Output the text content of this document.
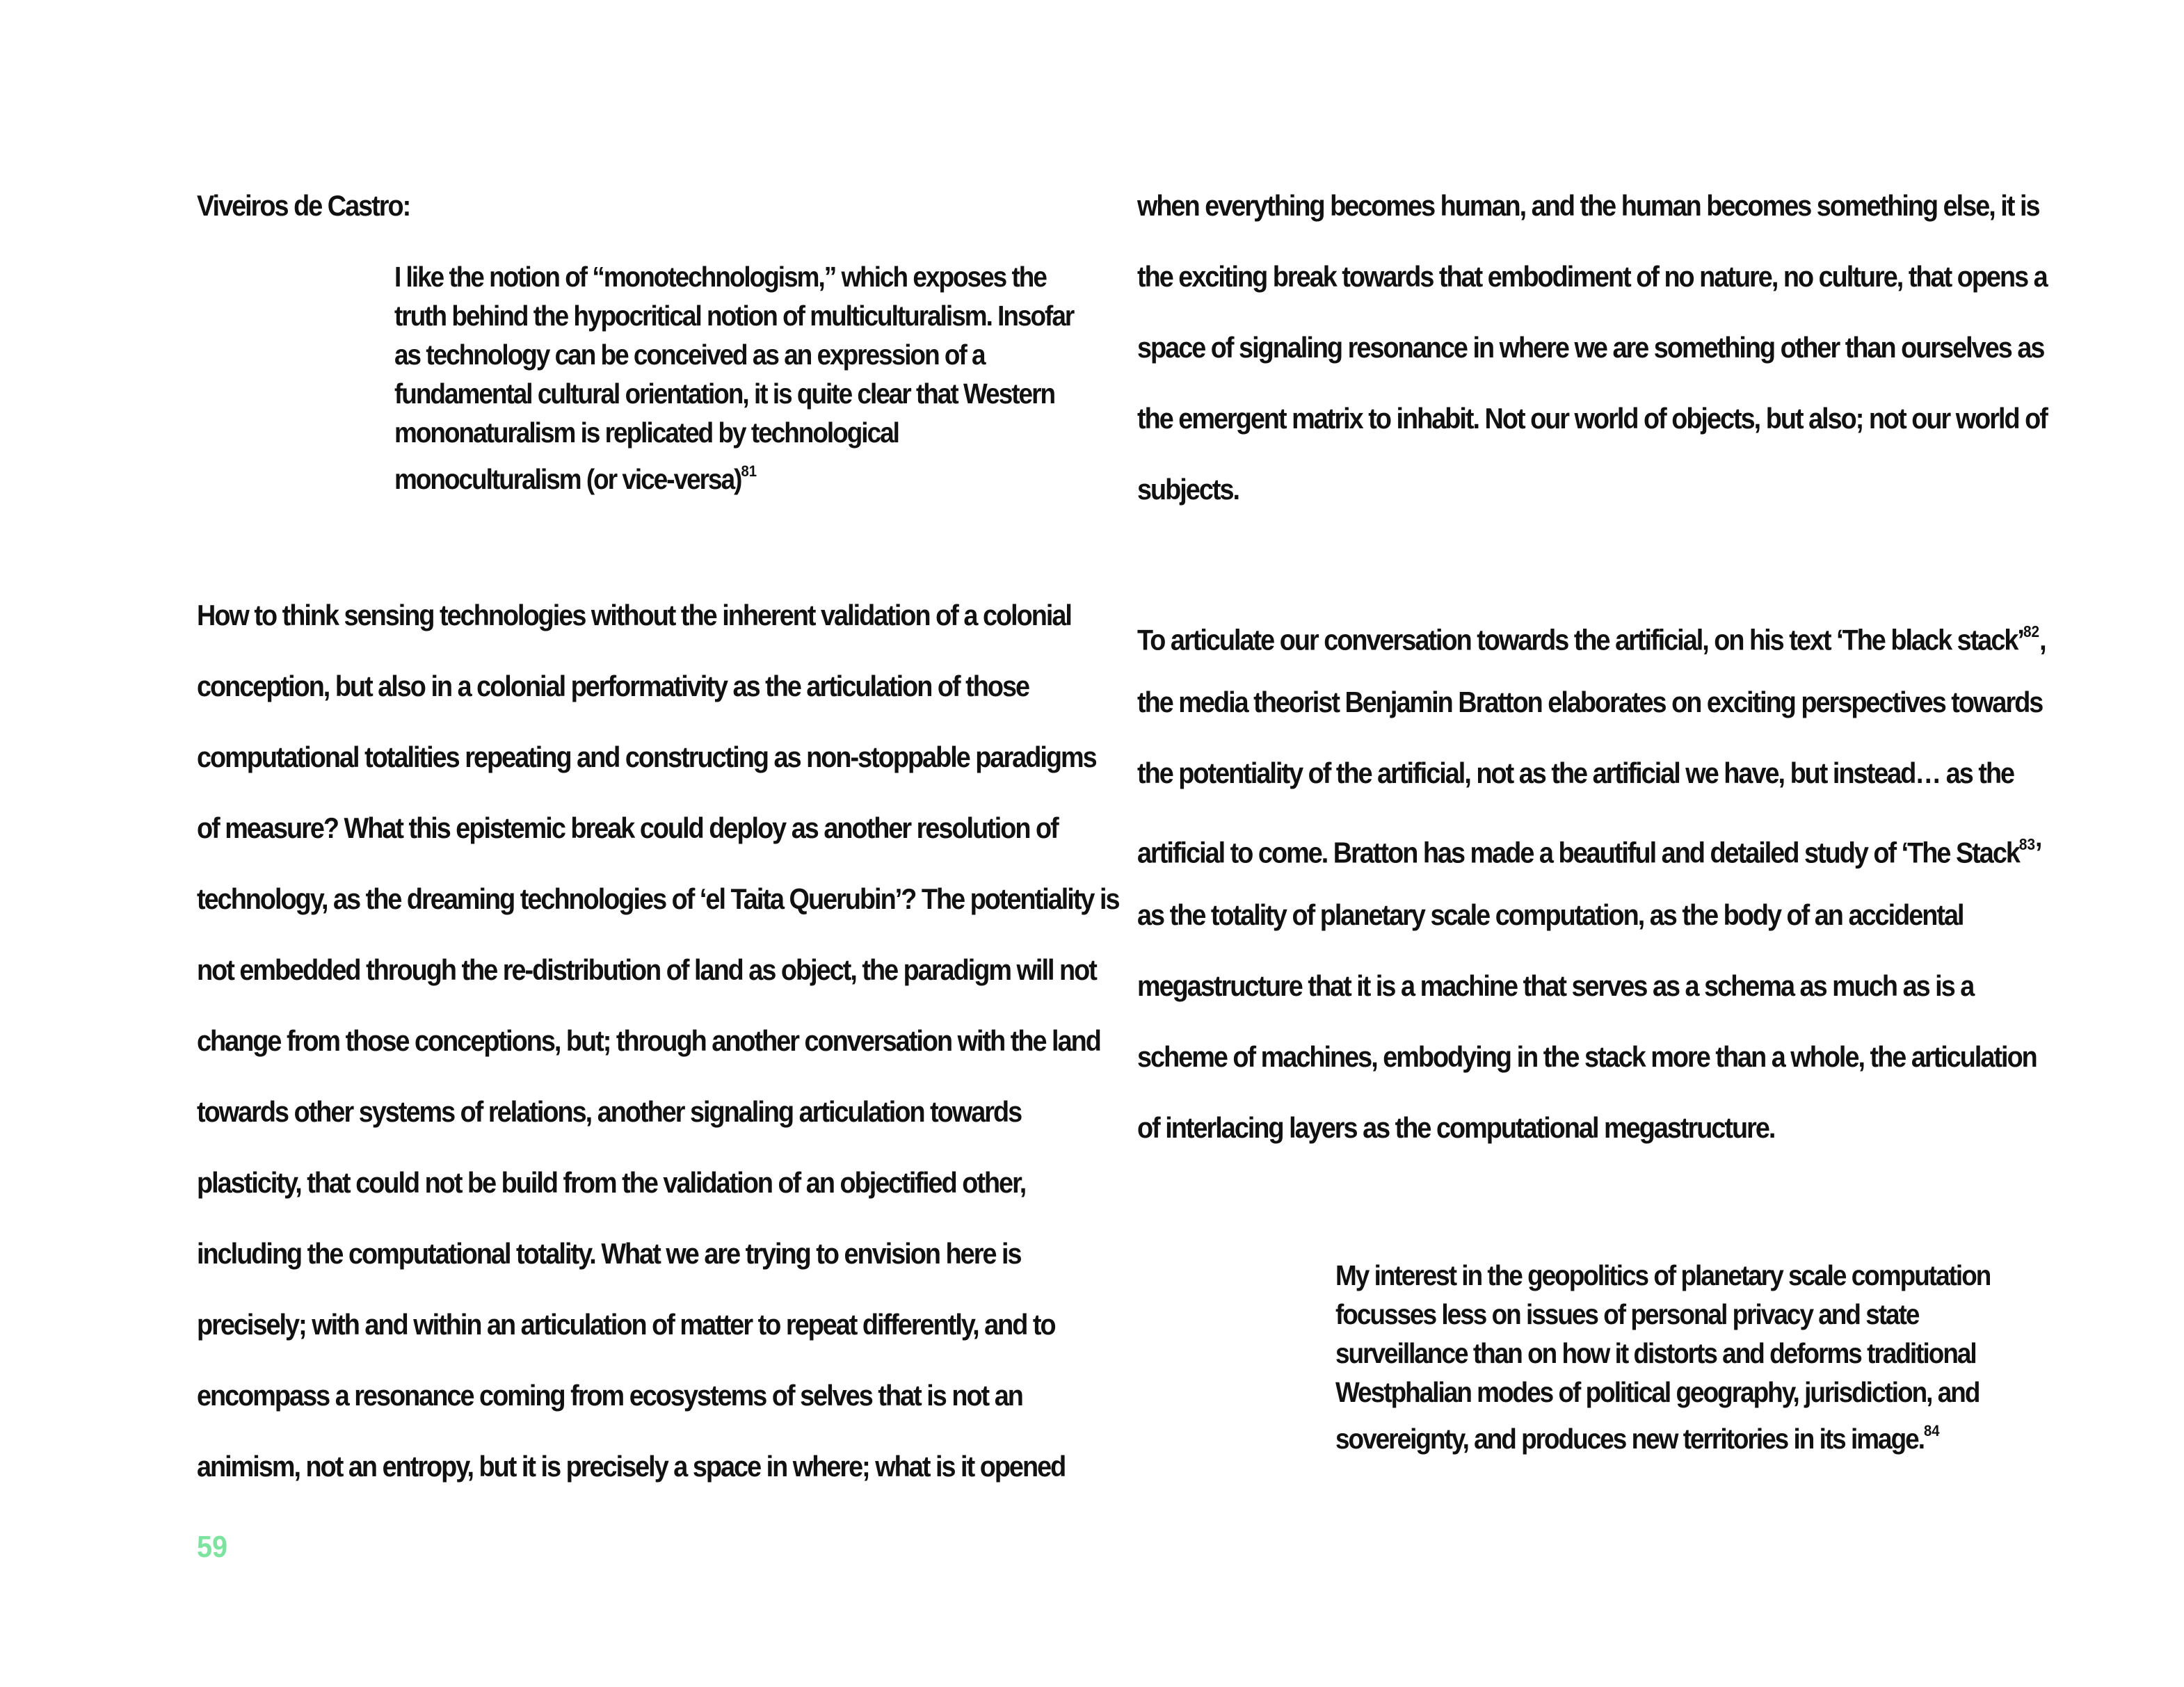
Viveiros de Castro:
I like the notion of “monotechnologism,” which exposes the
truth behind the hypocritical notion of multiculturalism. Insofar
as technology can be conceived as an expression of a
fundamental cultural orientation, it is quite clear that Western
mononaturalism is replicated by technological
monoculturalism (or vice-versa)$^{81}$
How to think sensing technologies without the inherent validation of a colonial
conception, but also in a colonial performativity as the articulation of those
computational totalities repeating and constructing as non-stoppable paradigms
of measure? What this epistemic break could deploy as another resolution of
technology, as the dreaming technologies of ‘el Taita Querubin’? The potentiality is
not embedded through the re-distribution of land as object, the paradigm will not
change from those conceptions, but; through another conversation with the land
towards other systems of relations, another signaling articulation towards
plasticity, that could not be build from the validation of an objectified other,
including the computational totality. What we are trying to envision here is
precisely; with and within an articulation of matter to repeat differently, and to
encompass a resonance coming from ecosystems of selves that is not an
animism, not an entropy, but it is precisely a space in where; what is it opened
59
when everything becomes human, and the human becomes something else, it is
the exciting break towards that embodiment of no nature, no culture, that opens a
space of signaling resonance in where we are something other than ourselves as
the emergent matrix to inhabit. Not our world of objects, but also; not our world of
subjects.
To articulate our conversation towards the artificial, on his text ‘The black stack’$^{82}$,
the media theorist Benjamin Bratton elaborates on exciting perspectives towards
the potentiality of the artificial, not as the artificial we have, but instead… as the
artificial to come. Bratton has made a beautiful and detailed study of ‘The Stack$^{83}$’
as the totality of planetary scale computation, as the body of an accidental
megastructure that it is a machine that serves as a schema as much as is a
scheme of machines, embodying in the stack more than a whole, the articulation
of interlacing layers as the computational megastructure.
My interest in the geopolitics of planetary scale computation
focusses less on issues of personal privacy and state
surveillance than on how it distorts and deforms traditional
Westphalian modes of political geography, jurisdiction, and
sovereignty, and produces new territories in its image.$^{84}$
